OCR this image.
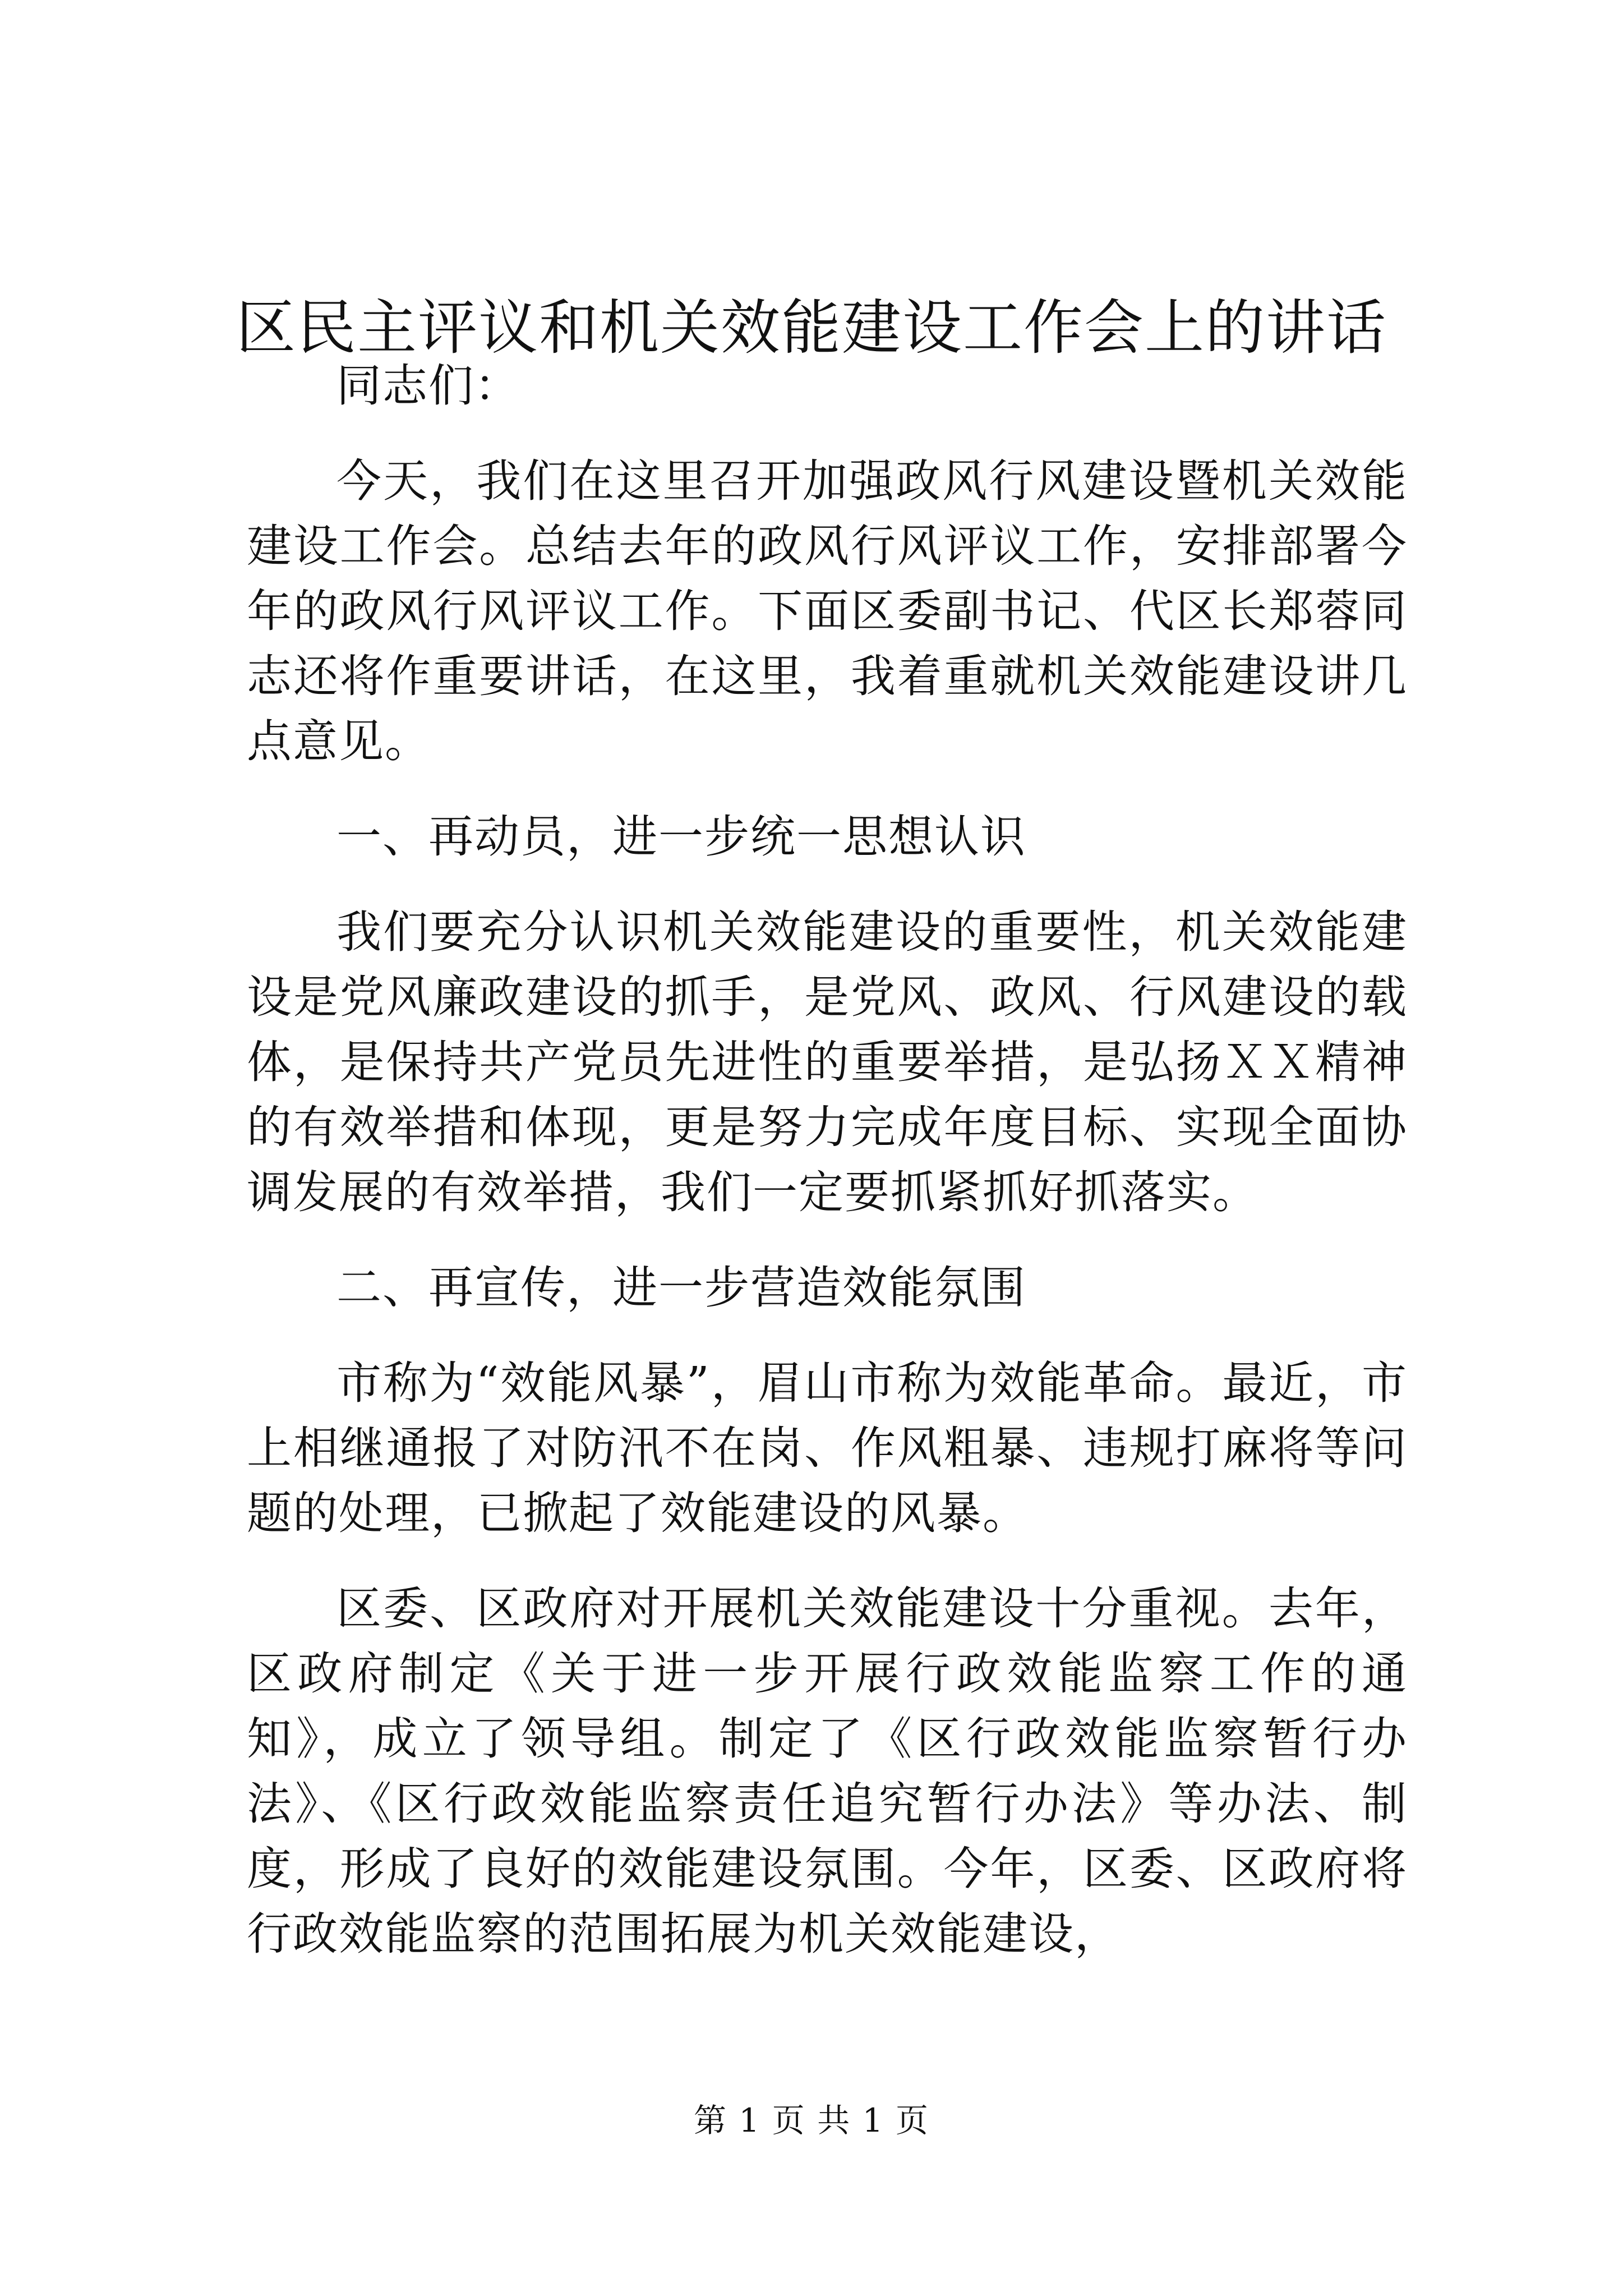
区民主评议和机关效能建设工作会上的讲话

同志们：

今天，我们在这里召开加强政风行风建设暨机关效能建设工作会。总结去年的政风行风评议工作，安排部署今年的政风行风评议工作。下面区委副书记、代区长郑蓉同志还将作重要讲话，在这里，我着重就机关效能建设讲几点意见。

一、再动员，进一步统一思想认识

我们要充分认识机关效能建设的重要性，机关效能建设是党风廉政建设的抓手，是党风、政风、行风建设的载体，是保持共产党员先进性的重要举措，是弘扬ＸＸ精神的有效举措和体现，更是努力完成年度目标、实现全面协调发展的有效举措，我们一定要抓紧抓好抓落实。

二、再宣传，进一步营造效能氛围

市称为“效能风暴”，眉山市称为效能革命。最近，市上相继通报了对防汛不在岗、作风粗暴、违规打麻将等问题的处理，已掀起了效能建设的风暴。

区委、区政府对开展机关效能建设十分重视。去年，区政府制定《关于进一步开展行政效能监察工作的通知》，成立了领导组。制定了《区行政效能监察暂行办法》、《区行政效能监察责任追究暂行办法》等办法、制度，形成了良好的效能建设氛围。今年，区委、区政府将行政效能监察的范围拓展为机关效能建设，

第 1 页 共 1 页
